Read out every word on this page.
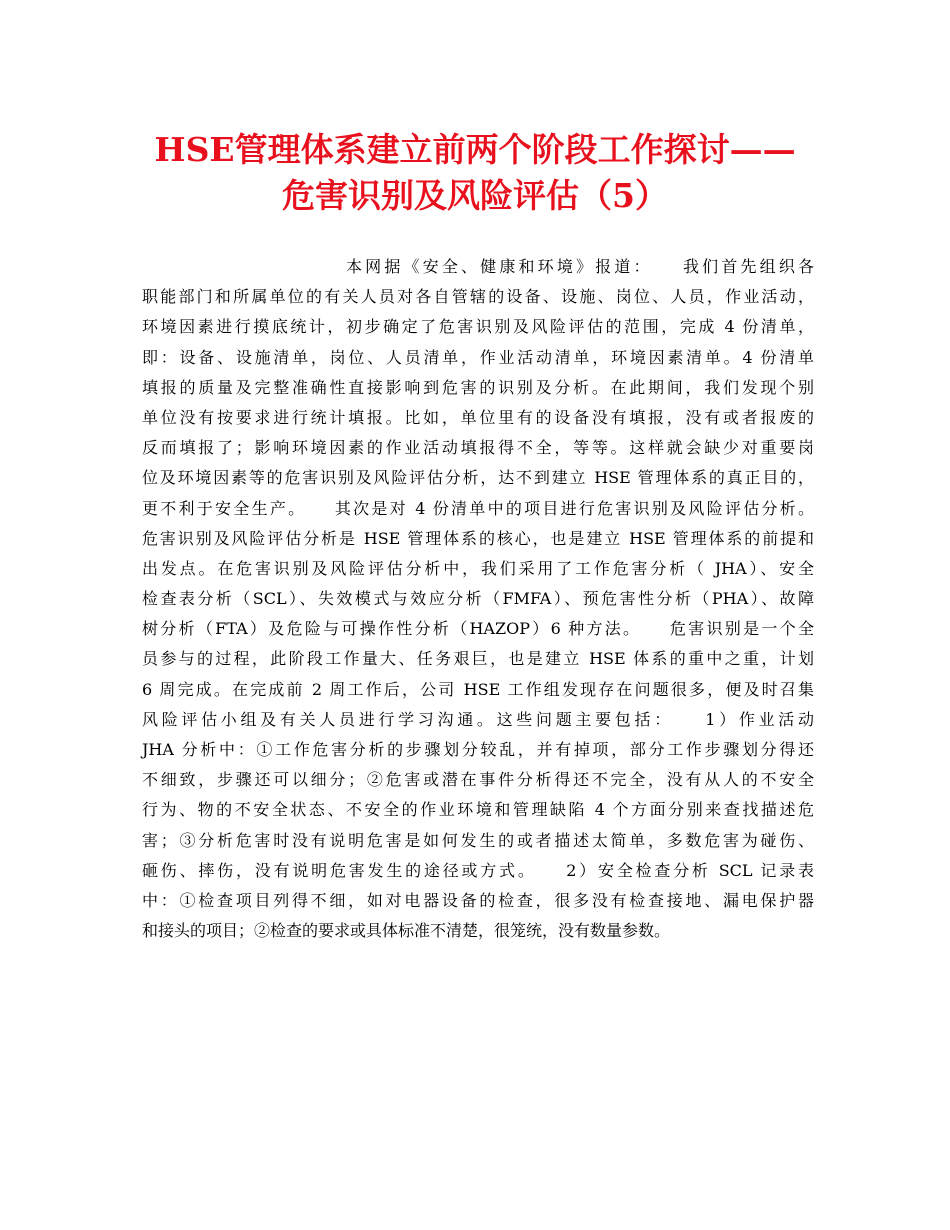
HSE管理体系建立前两个阶段工作探讨——
危害识别及风险评估（5）
本网据《安全、健康和环境》报道：　　我们首先组织各
职能部门和所属单位的有关人员对各自管辖的设备、设施、岗位、人员，作业活动，
环境因素进行摸底统计，初步确定了危害识别及风险评估的范围，完成 4 份清单，
即：设备、设施清单，岗位、人员清单，作业活动清单，环境因素清单。4 份清单
填报的质量及完整准确性直接影响到危害的识别及分析。在此期间，我们发现个别
单位没有按要求进行统计填报。比如，单位里有的设备没有填报，没有或者报废的
反而填报了；影响环境因素的作业活动填报得不全，等等。这样就会缺少对重要岗
位及环境因素等的危害识别及风险评估分析，达不到建立 HSE 管理体系的真正目的，
更不利于安全生产。　　其次是对 4 份清单中的项目进行危害识别及风险评估分析。
危害识别及风险评估分析是 HSE 管理体系的核心，也是建立 HSE 管理体系的前提和
出发点。在危害识别及风险评估分析中，我们采用了工作危害分析（ JHA）、安全
检查表分析（SCL）、失效模式与效应分析（FMFA）、预危害性分析（PHA）、故障
树分析（FTA）及危险与可操作性分析（HAZOP）6 种方法。　　危害识别是一个全
员参与的过程，此阶段工作量大、任务艰巨，也是建立 HSE 体系的重中之重，计划
6 周完成。在完成前 2 周工作后，公司 HSE 工作组发现存在问题很多，便及时召集
风险评估小组及有关人员进行学习沟通。这些问题主要包括：　　1）作业活动
JHA 分析中：①工作危害分析的步骤划分较乱，并有掉项，部分工作步骤划分得还
不细致，步骤还可以细分；②危害或潜在事件分析得还不完全，没有从人的不安全
行为、物的不安全状态、不安全的作业环境和管理缺陷 4 个方面分别来查找描述危
害；③分析危害时没有说明危害是如何发生的或者描述太简单，多数危害为碰伤、
砸伤、摔伤，没有说明危害发生的途径或方式。　　2）安全检查分析 SCL 记录表
中：①检查项目列得不细，如对电器设备的检查，很多没有检查接地、漏电保护器
和接头的项目；②检查的要求或具体标准不清楚，很笼统，没有数量参数。
